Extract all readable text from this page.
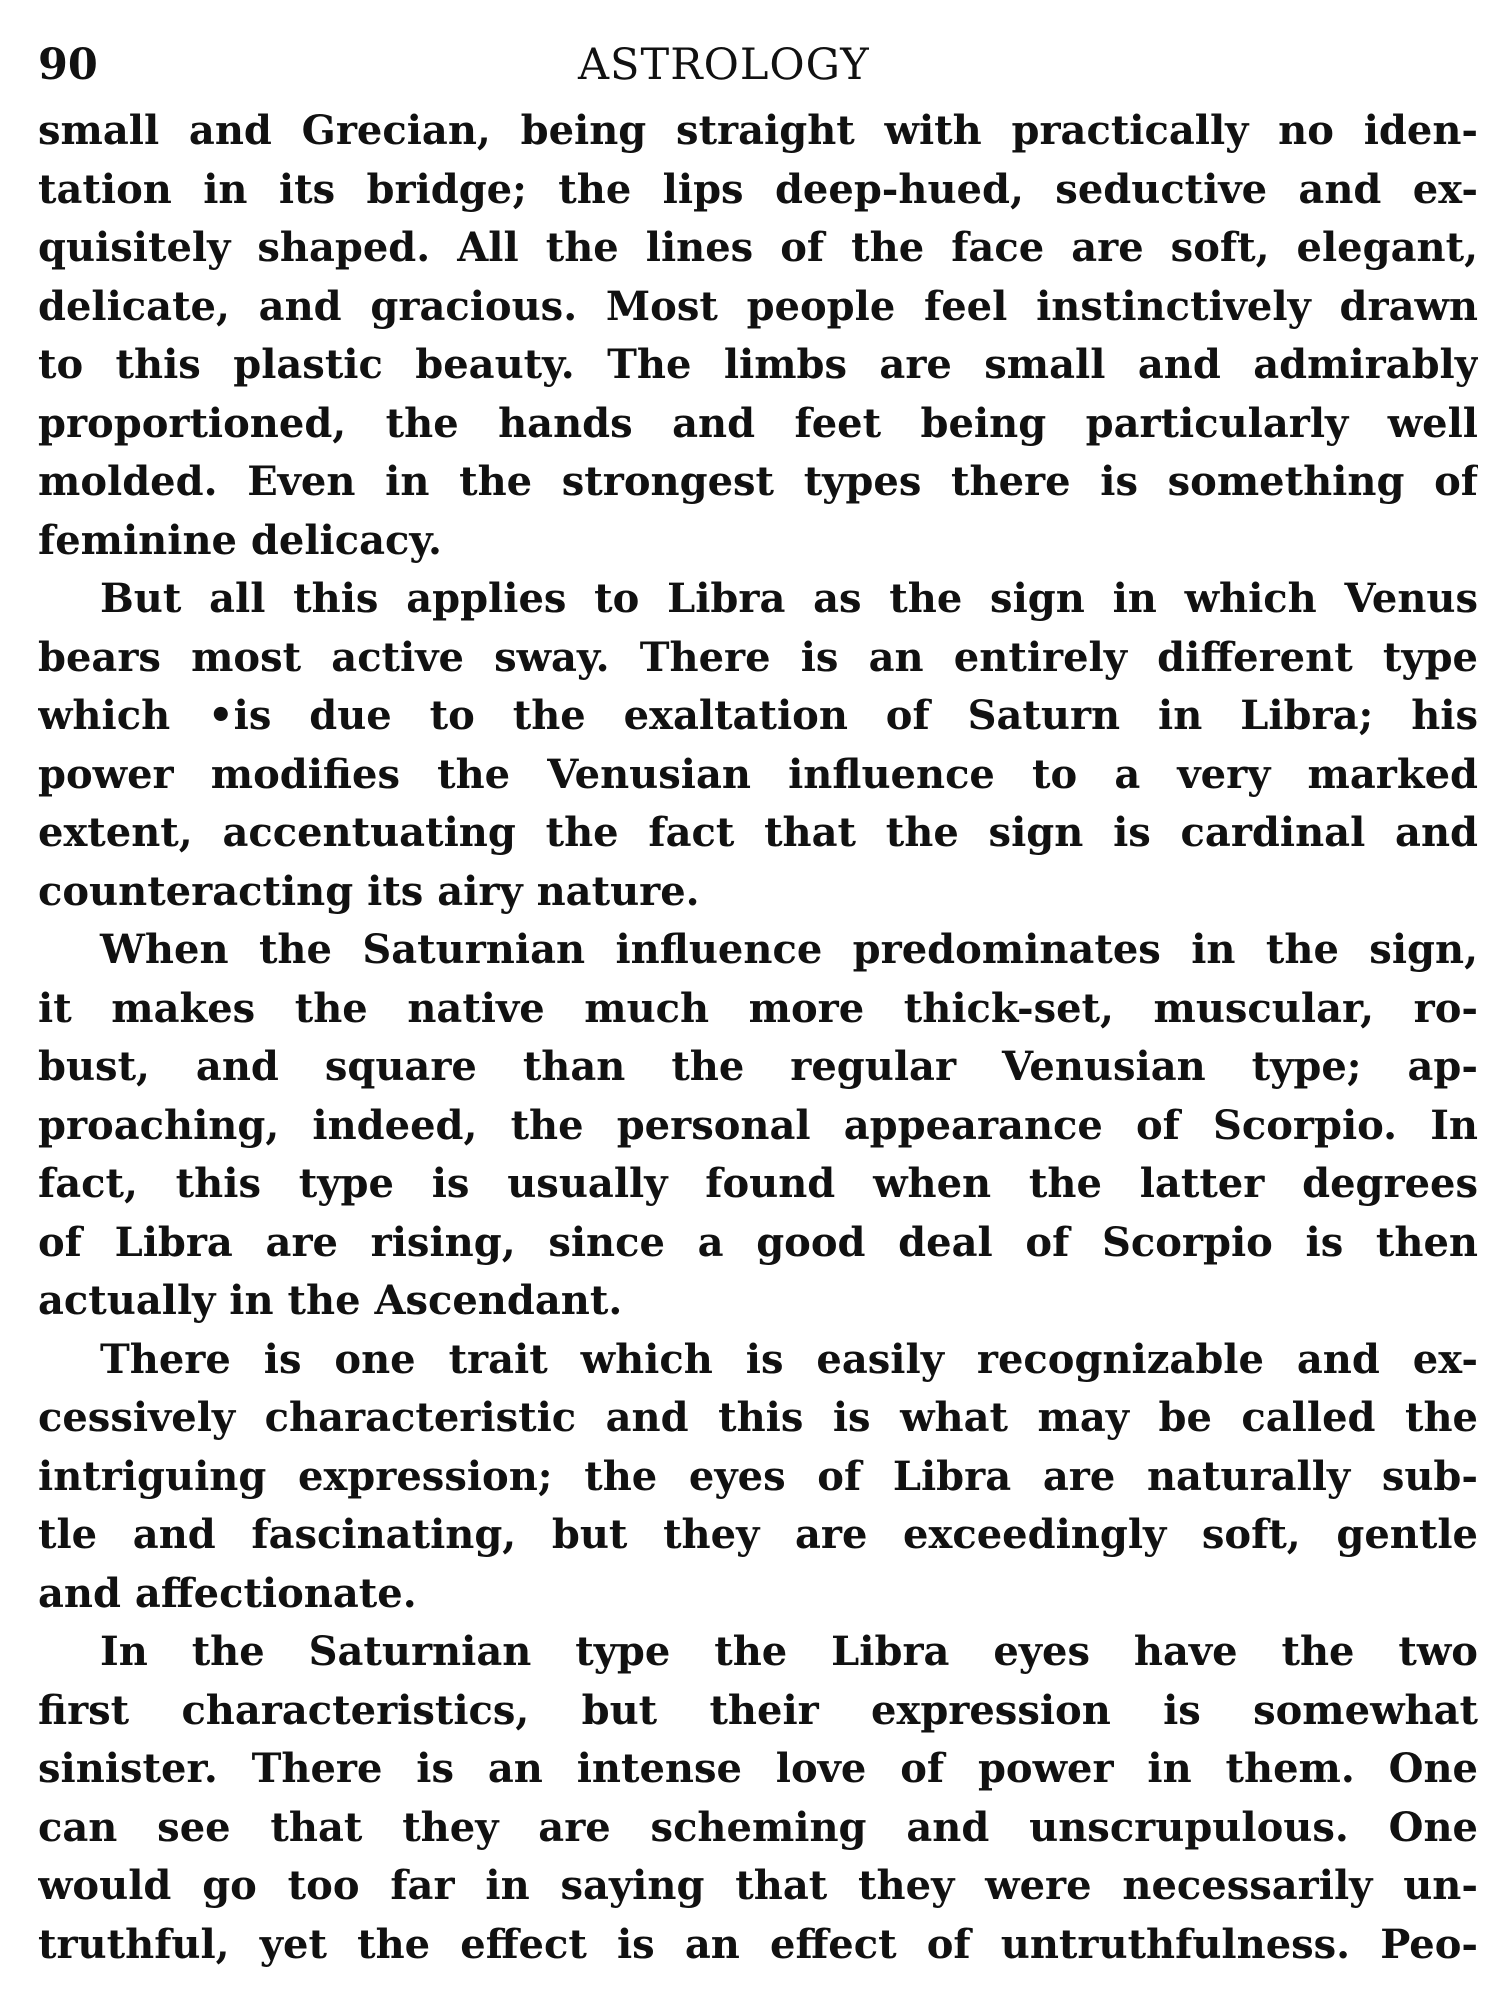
90	ASTROLOGY
small and Grecian, being straight with practically no iden-
tation in its bridge; the lips deep-hued, seductive and ex-
quisitely shaped. All the lines of the face are soft, elegant,
delicate, and gracious. Most people feel instinctively drawn
to this plastic beauty. The limbs are small and admirably
proportioned, the hands and feet being particularly well
molded. Even in the strongest types there is something of
feminine delicacy.
But all this applies to Libra as the sign in which Venus
bears most active sway. There is an entirely different type
which •is due to the exaltation of Saturn in Libra; his
power modifies the Venusian influence to a very marked
extent, accentuating the fact that the sign is cardinal and
counteracting its airy nature.
When the Saturnian influence predominates in the sign,
it makes the native much more thick-set, muscular, ro-
bust, and square than the regular Venusian type; ap-
proaching, indeed, the personal appearance of Scorpio. In
fact, this type is usually found when the latter degrees
of Libra are rising, since a good deal of Scorpio is then
actually in the Ascendant.
There is one trait which is easily recognizable and ex-
cessively characteristic and this is what may be called the
intriguing expression; the eyes of Libra are naturally sub-
tle and fascinating, but they are exceedingly soft, gentle
and affectionate.
In the Saturnian type the Libra eyes have the two
first characteristics, but their expression is somewhat
sinister. There is an intense love of power in them. One
can see that they are scheming and unscrupulous. One
would go too far in saying that they were necessarily un-
truthful, yet the effect is an effect of untruthfulness. Peo-
